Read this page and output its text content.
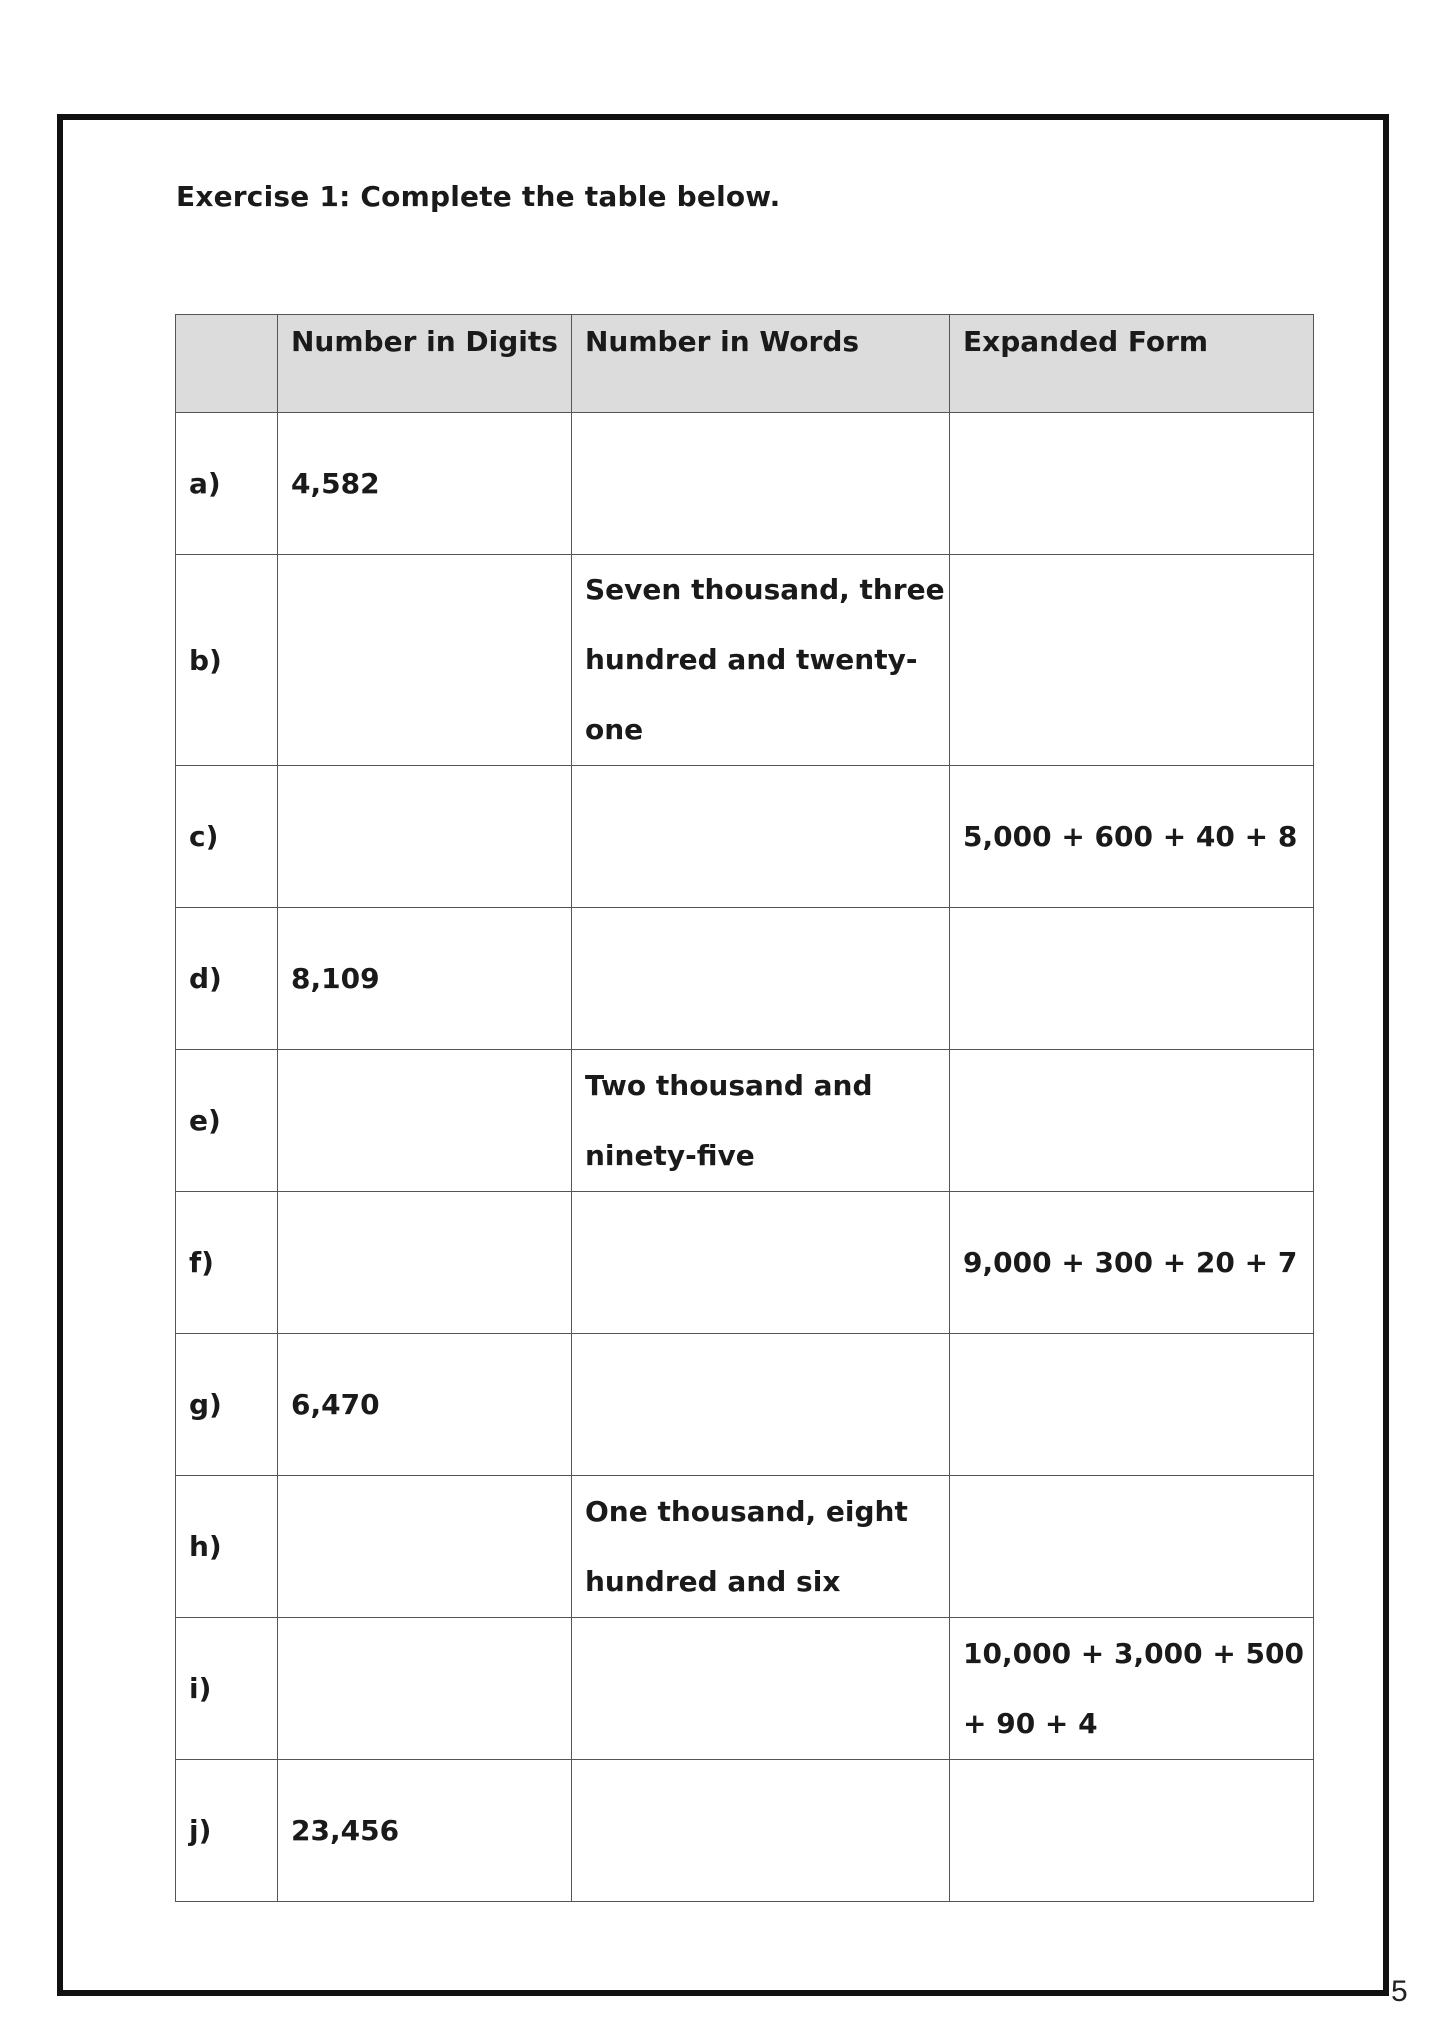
Exercise 1: Complete the table below.
	Number in Digits	Number in Words	Expanded Form
a)	4,582		
b)		Seven thousand, three hundred and twenty-one	
c)			5,000 + 600 + 40 + 8
d)	8,109		
e)		Two thousand and ninety-five	
f)			9,000 + 300 + 20 + 7
g)	6,470		
h)		One thousand, eight hundred and six	
i)			10,000 + 3,000 + 500 + 90 + 4
j)	23,456		
5
